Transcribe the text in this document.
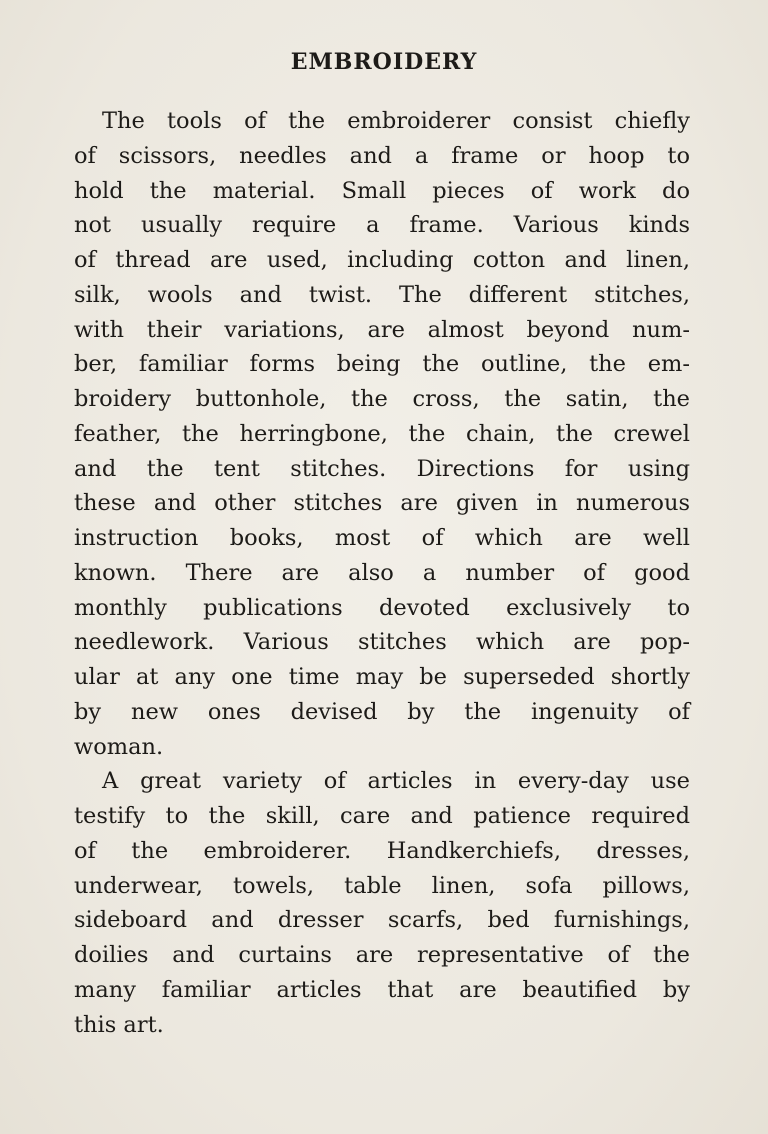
EMBROIDERY
The tools of the embroiderer consist chiefly
of scissors, needles and a frame or hoop to
hold the material. Small pieces of work do
not usually require a frame. Various kinds
of thread are used, including cotton and linen,
silk, wools and twist. The different stitches,
with their variations, are almost beyond num-
ber, familiar forms being the outline, the em-
broidery buttonhole, the cross, the satin, the
feather, the herringbone, the chain, the crewel
and the tent stitches. Directions for using
these and other stitches are given in numerous
instruction books, most of which are well
known. There are also a number of good
monthly publications devoted exclusively to
needlework. Various stitches which are pop-
ular at any one time may be superseded shortly
by new ones devised by the ingenuity of
woman.
A great variety of articles in every-day use
testify to the skill, care and patience required
of the embroiderer. Handkerchiefs, dresses,
underwear, towels, table linen, sofa pillows,
sideboard and dresser scarfs, bed furnishings,
doilies and curtains are representative of the
many familiar articles that are beautified by
this art.
